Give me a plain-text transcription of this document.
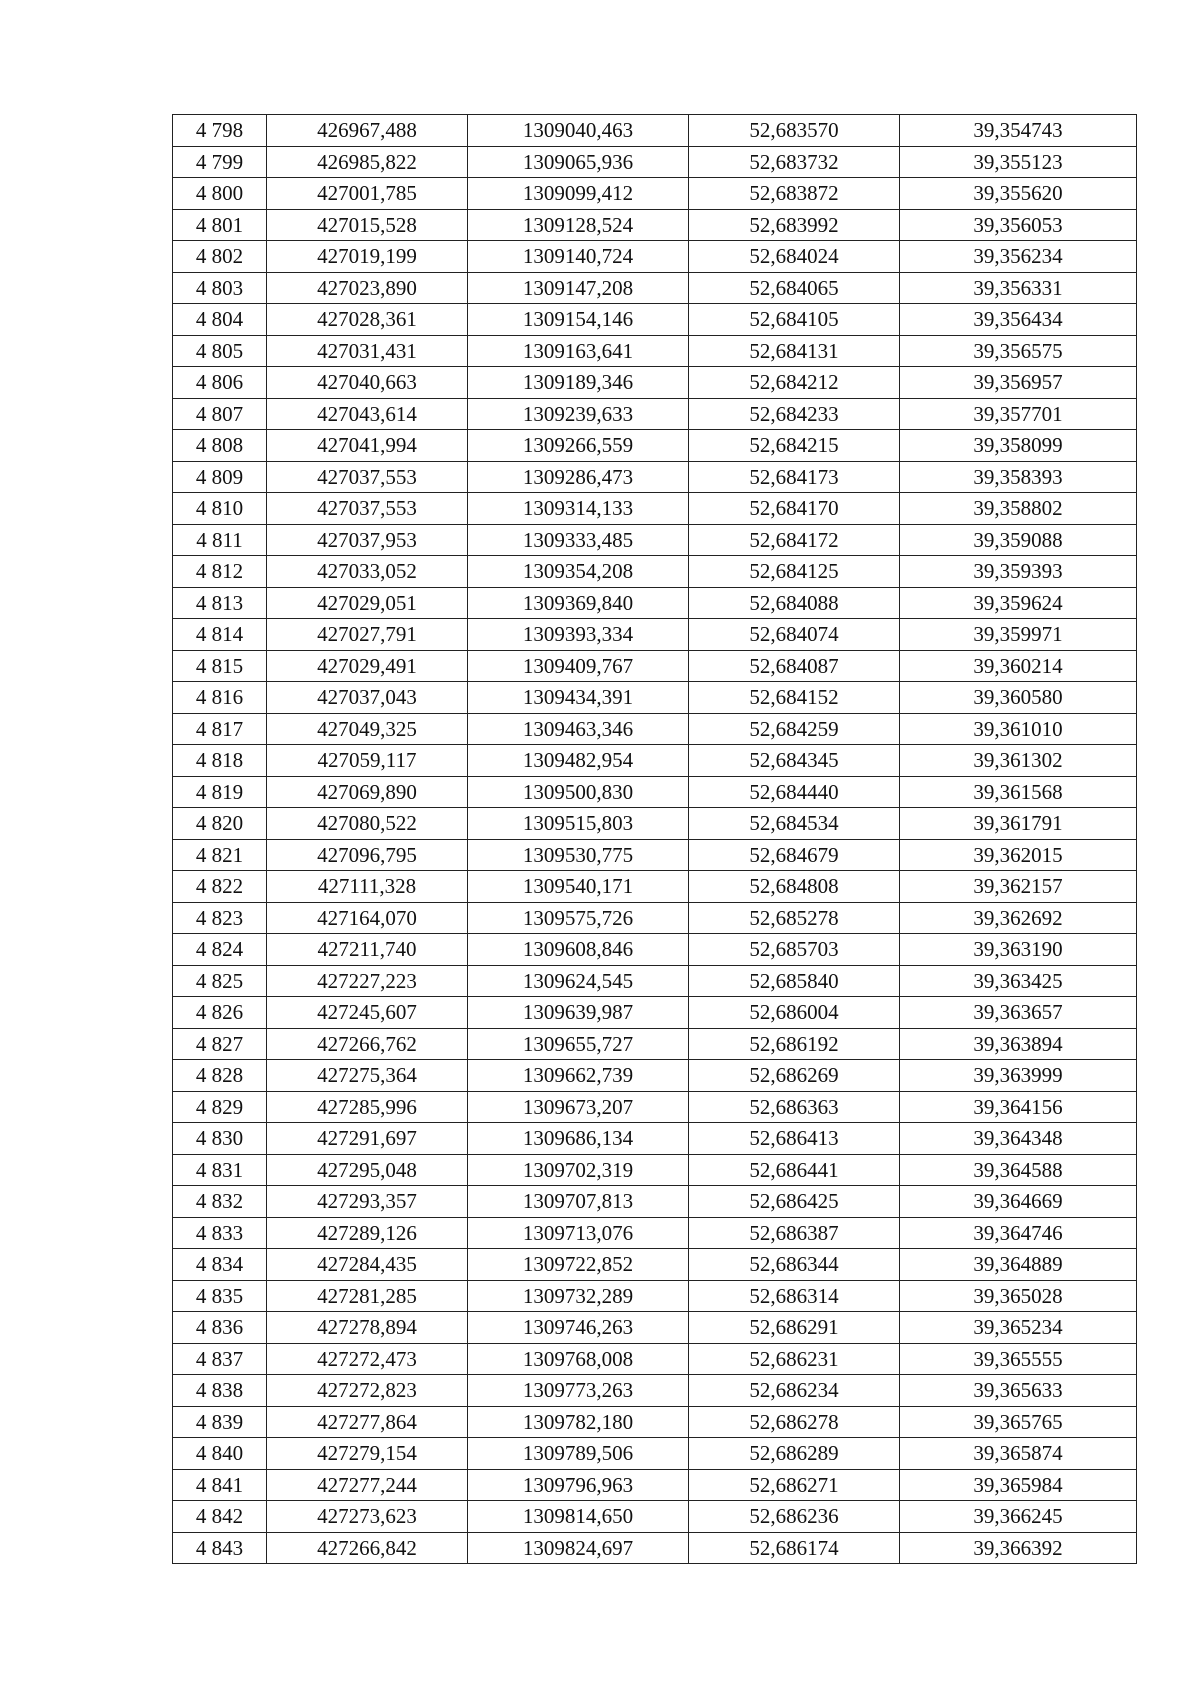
4 798	426967,488	1309040,463	52,683570	39,354743
4 799	426985,822	1309065,936	52,683732	39,355123
4 800	427001,785	1309099,412	52,683872	39,355620
4 801	427015,528	1309128,524	52,683992	39,356053
4 802	427019,199	1309140,724	52,684024	39,356234
4 803	427023,890	1309147,208	52,684065	39,356331
4 804	427028,361	1309154,146	52,684105	39,356434
4 805	427031,431	1309163,641	52,684131	39,356575
4 806	427040,663	1309189,346	52,684212	39,356957
4 807	427043,614	1309239,633	52,684233	39,357701
4 808	427041,994	1309266,559	52,684215	39,358099
4 809	427037,553	1309286,473	52,684173	39,358393
4 810	427037,553	1309314,133	52,684170	39,358802
4 811	427037,953	1309333,485	52,684172	39,359088
4 812	427033,052	1309354,208	52,684125	39,359393
4 813	427029,051	1309369,840	52,684088	39,359624
4 814	427027,791	1309393,334	52,684074	39,359971
4 815	427029,491	1309409,767	52,684087	39,360214
4 816	427037,043	1309434,391	52,684152	39,360580
4 817	427049,325	1309463,346	52,684259	39,361010
4 818	427059,117	1309482,954	52,684345	39,361302
4 819	427069,890	1309500,830	52,684440	39,361568
4 820	427080,522	1309515,803	52,684534	39,361791
4 821	427096,795	1309530,775	52,684679	39,362015
4 822	427111,328	1309540,171	52,684808	39,362157
4 823	427164,070	1309575,726	52,685278	39,362692
4 824	427211,740	1309608,846	52,685703	39,363190
4 825	427227,223	1309624,545	52,685840	39,363425
4 826	427245,607	1309639,987	52,686004	39,363657
4 827	427266,762	1309655,727	52,686192	39,363894
4 828	427275,364	1309662,739	52,686269	39,363999
4 829	427285,996	1309673,207	52,686363	39,364156
4 830	427291,697	1309686,134	52,686413	39,364348
4 831	427295,048	1309702,319	52,686441	39,364588
4 832	427293,357	1309707,813	52,686425	39,364669
4 833	427289,126	1309713,076	52,686387	39,364746
4 834	427284,435	1309722,852	52,686344	39,364889
4 835	427281,285	1309732,289	52,686314	39,365028
4 836	427278,894	1309746,263	52,686291	39,365234
4 837	427272,473	1309768,008	52,686231	39,365555
4 838	427272,823	1309773,263	52,686234	39,365633
4 839	427277,864	1309782,180	52,686278	39,365765
4 840	427279,154	1309789,506	52,686289	39,365874
4 841	427277,244	1309796,963	52,686271	39,365984
4 842	427273,623	1309814,650	52,686236	39,366245
4 843	427266,842	1309824,697	52,686174	39,366392
